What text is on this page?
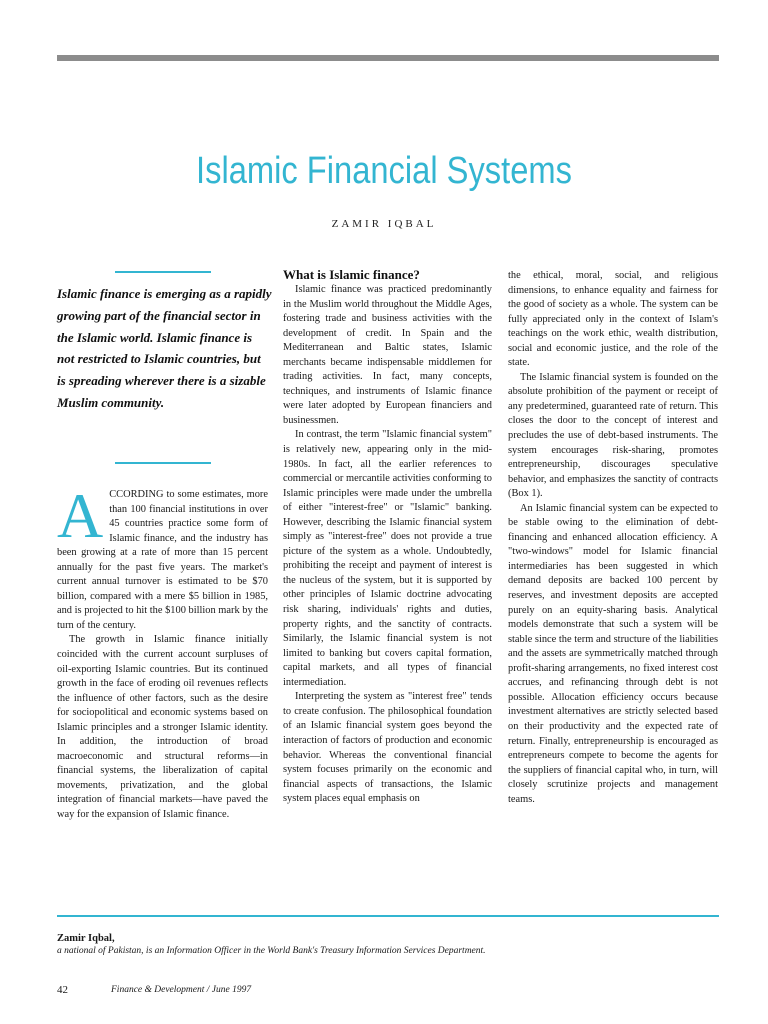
Islamic Financial Systems
ZAMIR IQBAL
Islamic finance is emerging as a rapidly growing part of the financial sector in the Islamic world. Islamic finance is not restricted to Islamic countries, but is spreading wherever there is a sizable Muslim community.
A CCORDING to some estimates, more than 100 financial institutions in over 45 countries practice some form of Islamic finance, and the industry has been growing at a rate of more than 15 percent annually for the past five years. The market's current annual turnover is estimated to be $70 billion, compared with a mere $5 billion in 1985, and is projected to hit the $100 billion mark by the turn of the century.

The growth in Islamic finance initially coincided with the current account surpluses of oil-exporting Islamic countries. But its continued growth in the face of eroding oil revenues reflects the influence of other factors, such as the desire for sociopolitical and economic systems based on Islamic principles and a stronger Islamic identity. In addition, the introduction of broad macroeconomic and structural reforms—in financial systems, the liberalization of capital movements, privatization, and the global integration of financial markets—have paved the way for the expansion of Islamic finance.

What is Islamic finance?

Islamic finance was practiced predominantly in the Muslim world throughout the Middle Ages, fostering trade and business activities with the development of credit. In Spain and the Mediterranean and Baltic states, Islamic merchants became indispensable middlemen for trading activities. In fact, many concepts, techniques, and instruments of Islamic finance were later adopted by European financiers and businessmen.

In contrast, the term "Islamic financial system" is relatively new, appearing only in the mid-1980s. In fact, all the earlier references to commercial or mercantile activities conforming to Islamic principles were made under the umbrella of either "interest-free" or "Islamic" banking. However, describing the Islamic financial system simply as "interest-free" does not provide a true picture of the system as a whole. Undoubtedly, prohibiting the receipt and payment of interest is the nucleus of the system, but it is supported by other principles of Islamic doctrine advocating risk sharing, individuals' rights and duties, property rights, and the sanctity of contracts. Similarly, the Islamic financial system is not limited to banking but covers capital formation, capital markets, and all types of financial intermediation.

Interpreting the system as "interest free" tends to create confusion. The philosophical foundation of an Islamic financial system goes beyond the interaction of factors of production and economic behavior. Whereas the conventional financial system focuses primarily on the economic and financial aspects of transactions, the Islamic system places equal emphasis on

the ethical, moral, social, and religious dimensions, to enhance equality and fairness for the good of society as a whole. The system can be fully appreciated only in the context of Islam's teachings on the work ethic, wealth distribution, social and economic justice, and the role of the state.

The Islamic financial system is founded on the absolute prohibition of the payment or receipt of any predetermined, guaranteed rate of return. This closes the door to the concept of interest and precludes the use of debt-based instruments. The system encourages risk-sharing, promotes entrepreneurship, discourages speculative behavior, and emphasizes the sanctity of contracts (Box 1).

An Islamic financial system can be expected to be stable owing to the elimination of debt-financing and enhanced allocation efficiency. A "two-windows" model for Islamic financial intermediaries has been suggested in which demand deposits are backed 100 percent by reserves, and investment deposits are accepted purely on an equity-sharing basis. Analytical models demonstrate that such a system will be stable since the term and structure of the liabilities and the assets are symmetrically matched through profit-sharing arrangements, no fixed interest cost accrues, and refinancing through debt is not possible. Allocation efficiency occurs because investment alternatives are strictly selected based on their productivity and the expected rate of return. Finally, entrepreneurship is encouraged as entrepreneurs compete to become the agents for the suppliers of financial capital who, in turn, will closely scrutinize projects and management teams.

Zamir Iqbal,
a national of Pakistan, is an Information Officer in the World Bank's Treasury Information Services Department.
42	Finance & Development / June 1997
